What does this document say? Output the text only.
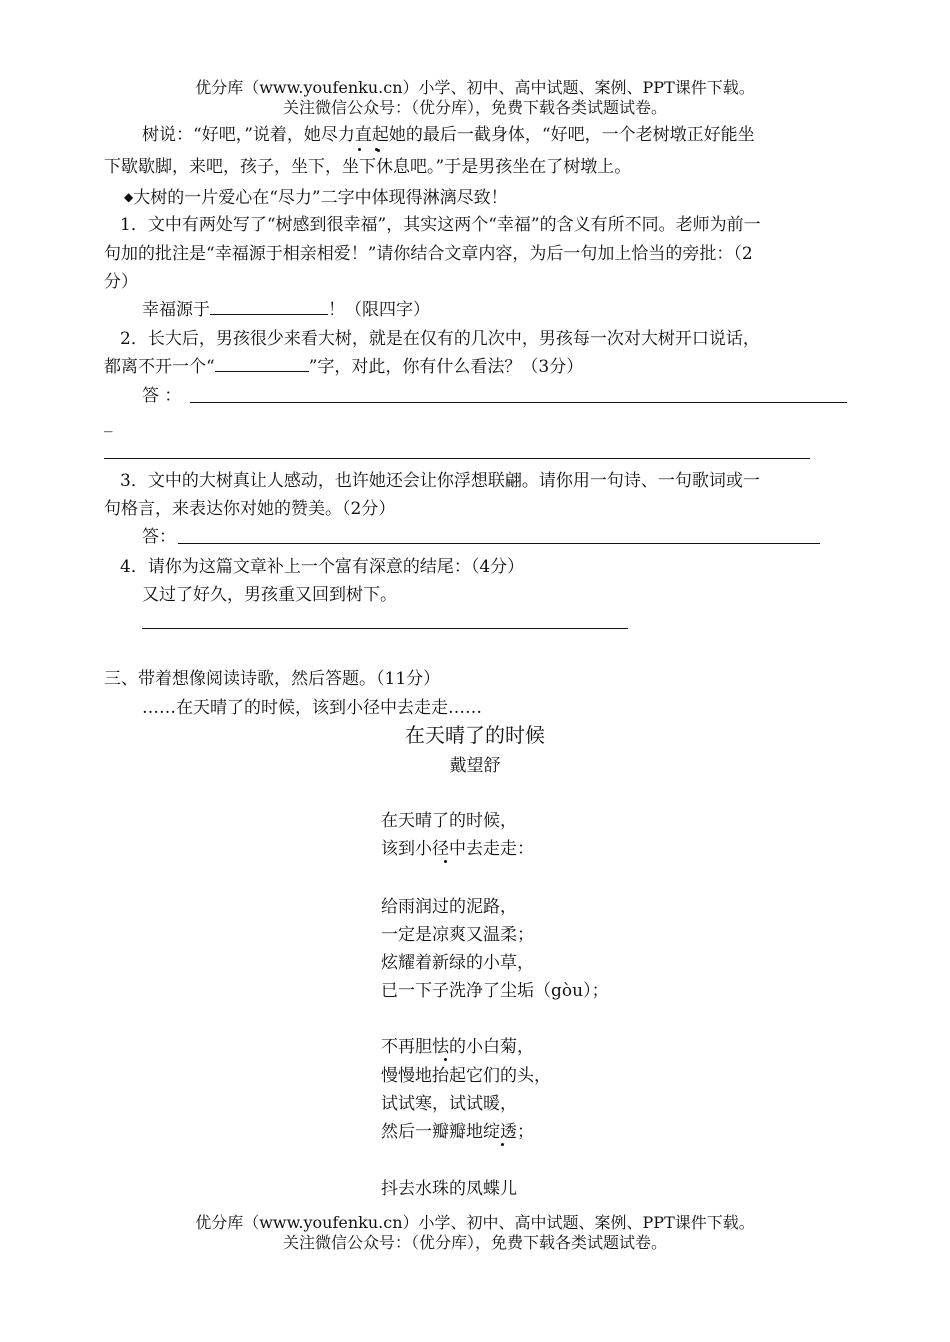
优分库（www.youfenku.cn）小学、初中、高中试题、案例、PPT课件下载。
关注微信公众号：（优分库），免费下载各类试题试卷。
树说：“好吧，”说着，她尽力直起她的最后一截身体，“好吧，一个老树墩正好能坐
下歇歇脚，来吧，孩子，坐下，坐下休息吧。”于是男孩坐在了树墩上。
◆大树的一片爱心在“尽力”二字中体现得淋漓尽致！
1．文中有两处写了“树感到很幸福”，其实这两个“幸福”的含义有所不同。老师为前一
句加的批注是“幸福源于相亲相爱！”请你结合文章内容，为后一句加上恰当的旁批：（2
分）
幸福源于	！（限四字）
2．长大后，男孩很少来看大树，就是在仅有的几次中，男孩每一次对大树开口说话，
都离不开一个“	”字，对此，你有什么看法？（3分）
答 ：
_
3．文中的大树真让人感动，也许她还会让你浮想联翩。请你用一句诗、一句歌词或一
句格言，来表达你对她的赞美。（2分）
答：
4．请你为这篇文章补上一个富有深意的结尾：（4分）
又过了好久，男孩重又回到树下。
三、带着想像阅读诗歌，然后答题。（11分）
……在天晴了的时候，该到小径中去走走……
在天晴了的时候
戴望舒
在天晴了的时候，
该到小径中去走走：
给雨润过的泥路，
一定是凉爽又温柔；
炫耀着新绿的小草，
已一下子洗净了尘垢（gòu）；
不再胆怯的小白菊，
慢慢地抬起它们的头，
试试寒，试试暖，
然后一瓣瓣地绽透；
抖去水珠的凤蝶儿
优分库（www.youfenku.cn）小学、初中、高中试题、案例、PPT课件下载。
关注微信公众号：（优分库），免费下载各类试题试卷。
